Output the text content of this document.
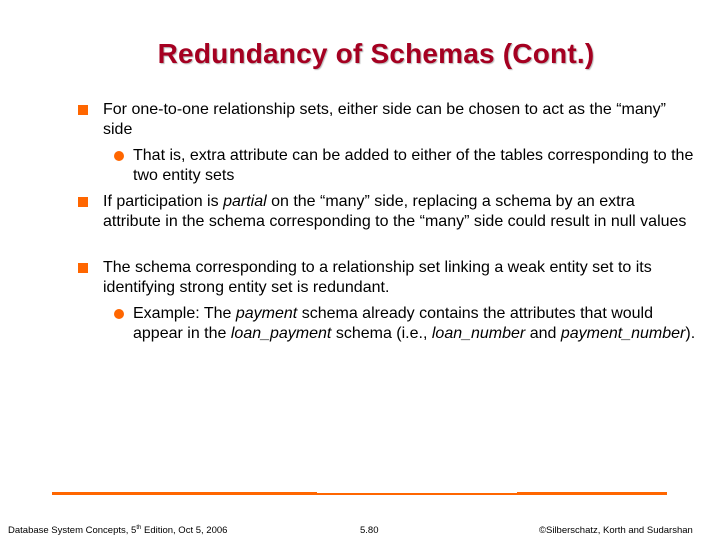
Redundancy of Schemas (Cont.)
For one-to-one relationship sets, either side can be chosen to act as the “many” side
That is, extra attribute can be added to either of the tables corresponding to the two entity sets
If participation is partial on the “many” side, replacing a schema by an extra attribute in the schema corresponding to the “many” side could result in null values
The schema corresponding to a relationship set linking a weak entity set to its identifying strong entity set is redundant.
Example: The payment schema already contains the attributes that would appear in the loan_payment schema (i.e., loan_number and payment_number).
Database System Concepts, 5th Edition, Oct 5, 2006	5.80	©Silberschatz, Korth and Sudarshan
